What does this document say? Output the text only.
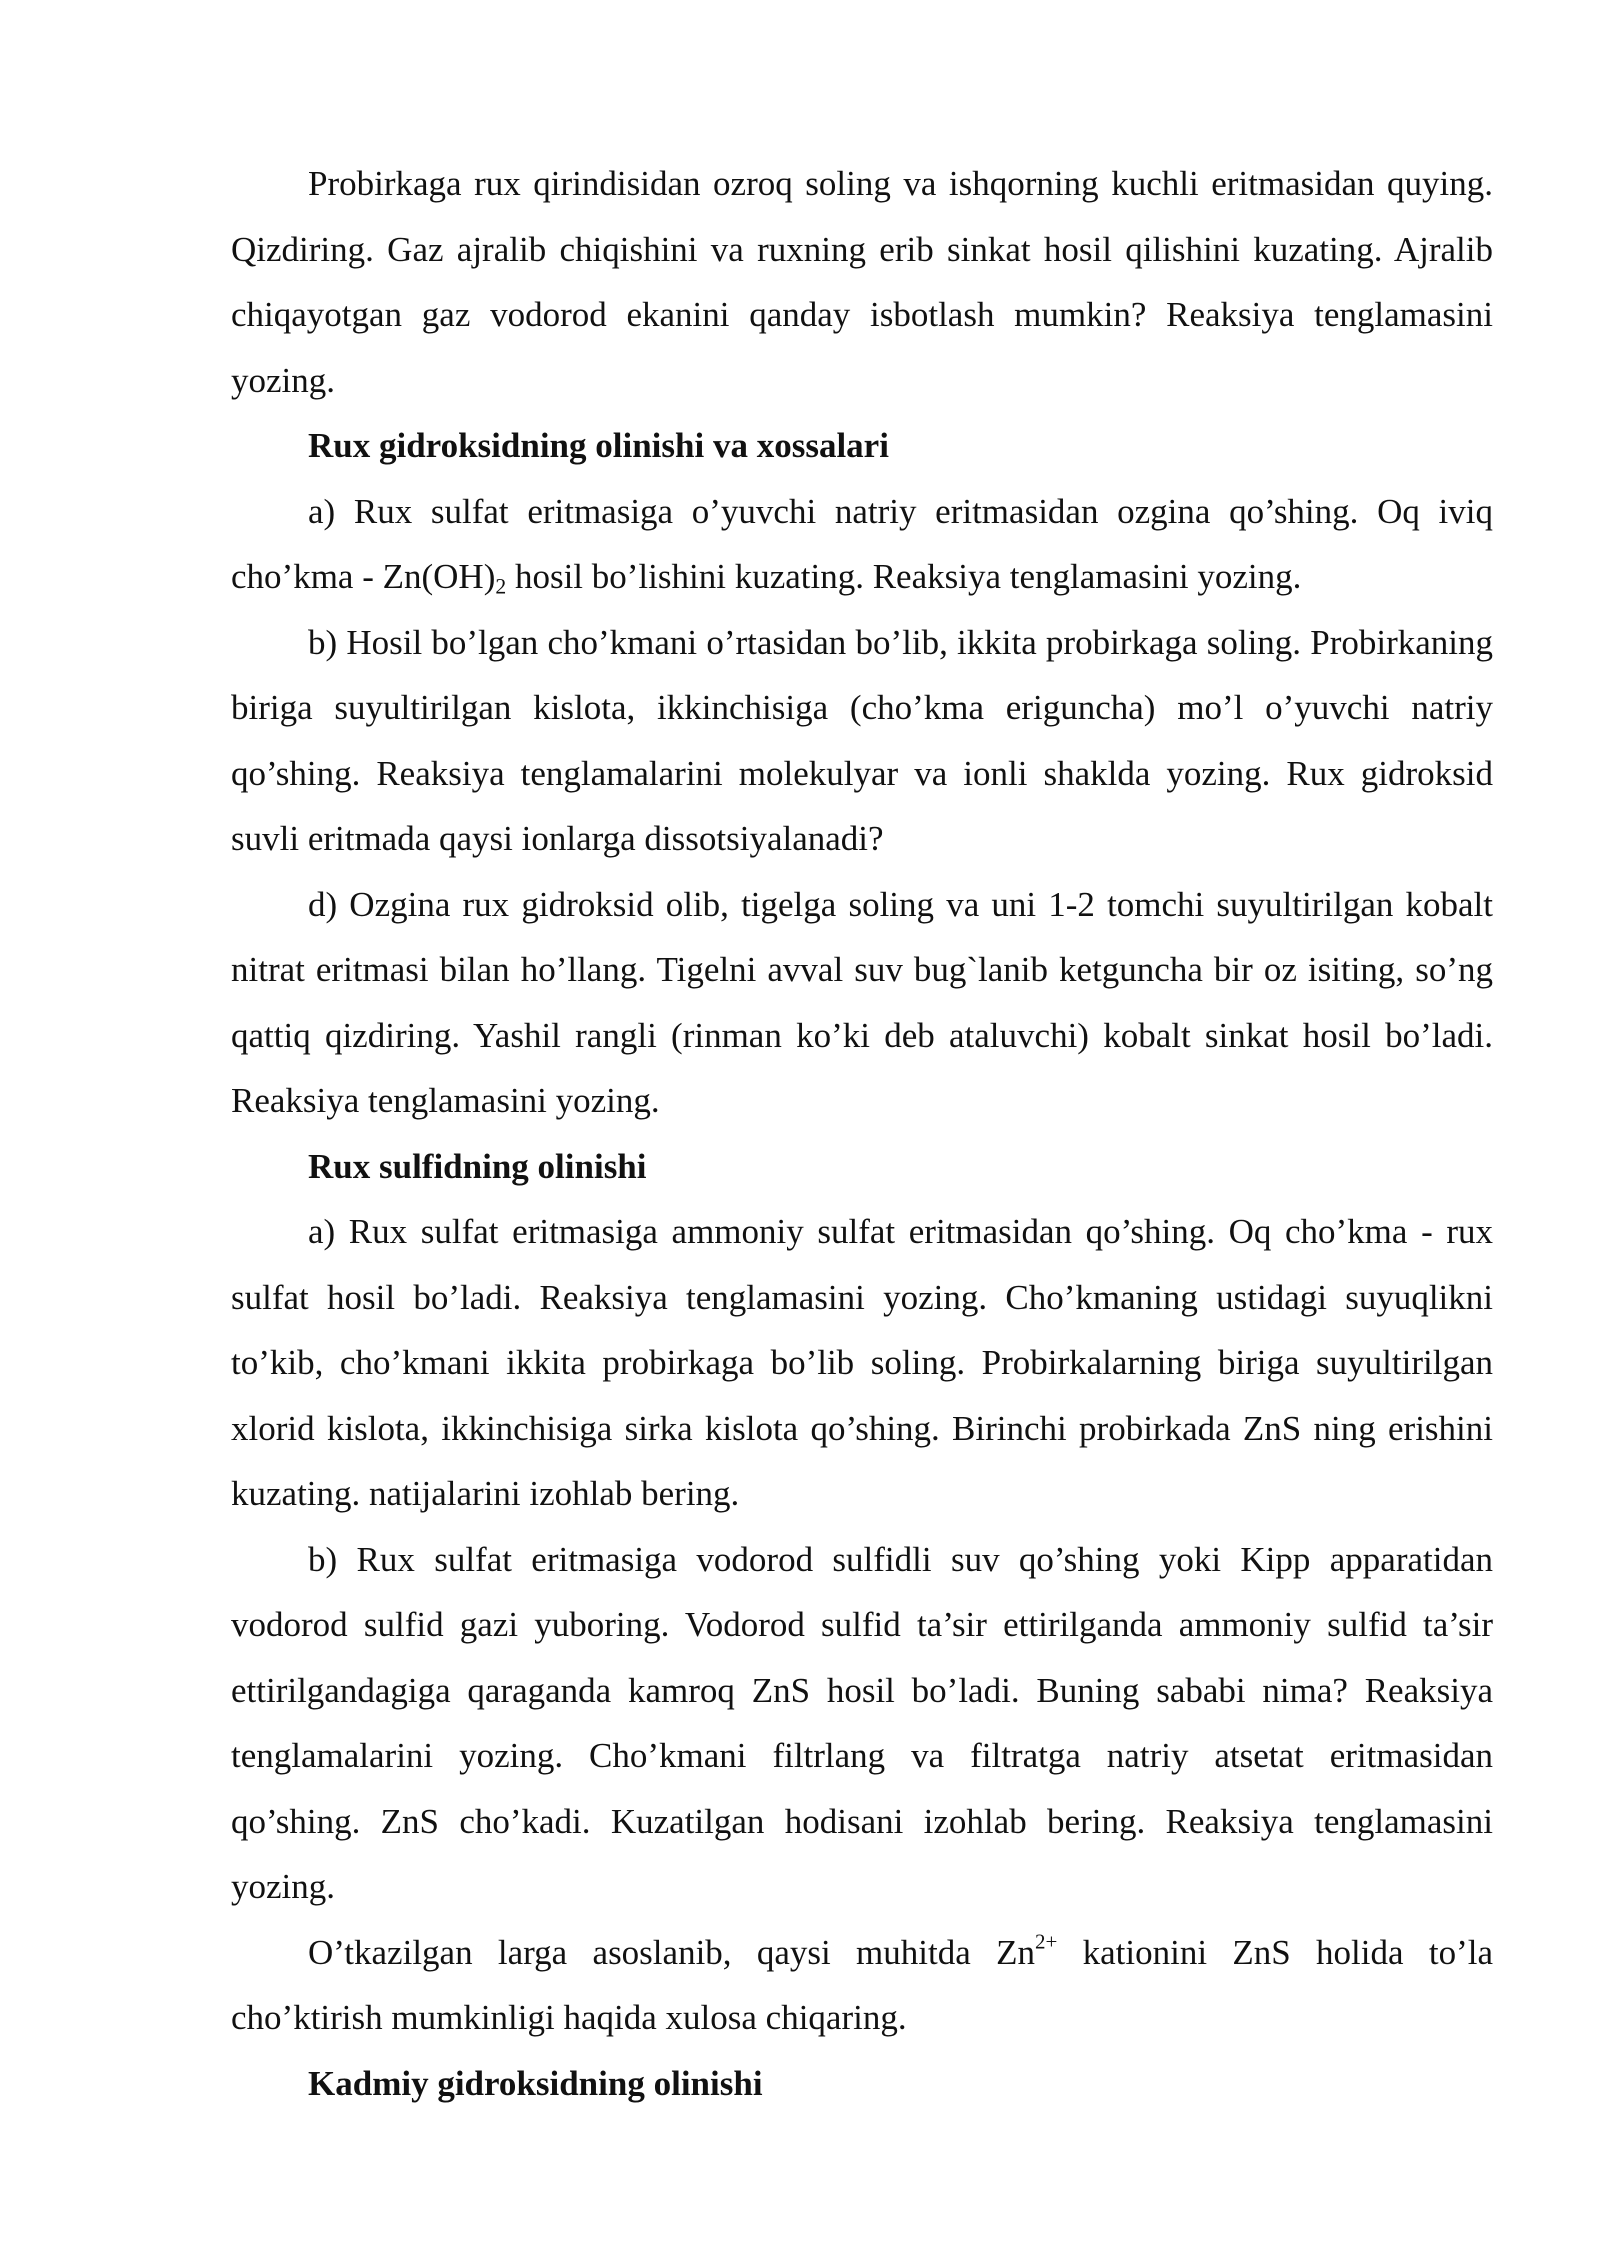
Probirkaga rux qirindisidan ozroq soling va ishqorning kuchli eritmasidan quying. Qizdiring. Gaz ajralib chiqishini va ruxning erib sinkat hosil qilishini kuzating. Ajralib chiqayotgan gaz vodorod ekanini qanday isbotlash mumkin? Reaksiya tenglamasini yozing.

Rux gidroksidning olinishi va xossalari

a) Rux sulfat eritmasiga o’yuvchi natriy eritmasidan ozgina qo’shing. Oq iviq cho’kma - $Zn(OH)_2$ hosil bo’lishini kuzating. Reaksiya tenglamasini yozing.

b) Hosil bo’lgan cho’kmani o’rtasidan bo’lib, ikkita probirkaga soling. Probirkaning biriga suyultirilgan kislota, ikkinchisiga (cho’kma eriguncha) mo’l o’yuvchi natriy qo’shing. Reaksiya tenglamalarini molekulyar va ionli shaklda yozing. Rux gidroksid suvli eritmada qaysi ionlarga dissotsiyalanadi?

d) Ozgina rux gidroksid olib, tigelga soling va uni 1-2 tomchi suyultirilgan kobalt nitrat eritmasi bilan ho’llang. Tigelni avval suv bug`lanib ketguncha bir oz isiting, so’ng qattiq qizdiring. Yashil rangli (rinman ko’ki deb ataluvchi) kobalt sinkat hosil bo’ladi. Reaksiya tenglamasini yozing.

Rux sulfidning olinishi

a) Rux sulfat eritmasiga ammoniy sulfat eritmasidan qo’shing. Oq cho’kma - rux sulfat hosil bo’ladi. Reaksiya tenglamasini yozing. Cho’kmaning ustidagi suyuqlikni to’kib, cho’kmani ikkita probirkaga bo’lib soling. Probirkalarning biriga suyultirilgan xlorid kislota, ikkinchisiga sirka kislota qo’shing. Birinchi probirkada ZnS ning erishini kuzating. natijalarini izohlab bering.

b) Rux sulfat eritmasiga vodorod sulfidli suv qo’shing yoki Kipp apparatidan vodorod sulfid gazi yuboring. Vodorod sulfid ta’sir ettirilganda ammoniy sulfid ta’sir ettirilgandagiga qaraganda kamroq ZnS hosil bo’ladi. Buning sababi nima? Reaksiya tenglamalarini yozing. Cho’kmani filtrlang va filtratga natriy atsetat eritmasidan qo’shing. ZnS cho’kadi. Kuzatilgan hodisani izohlab bering. Reaksiya tenglamasini yozing.

O’tkazilgan larga asoslanib, qaysi muhitda $Zn^{2+}$ kationini ZnS holida to’la cho’ktirish mumkinligi haqida xulosa chiqaring.

Kadmiy gidroksidning olinishi
